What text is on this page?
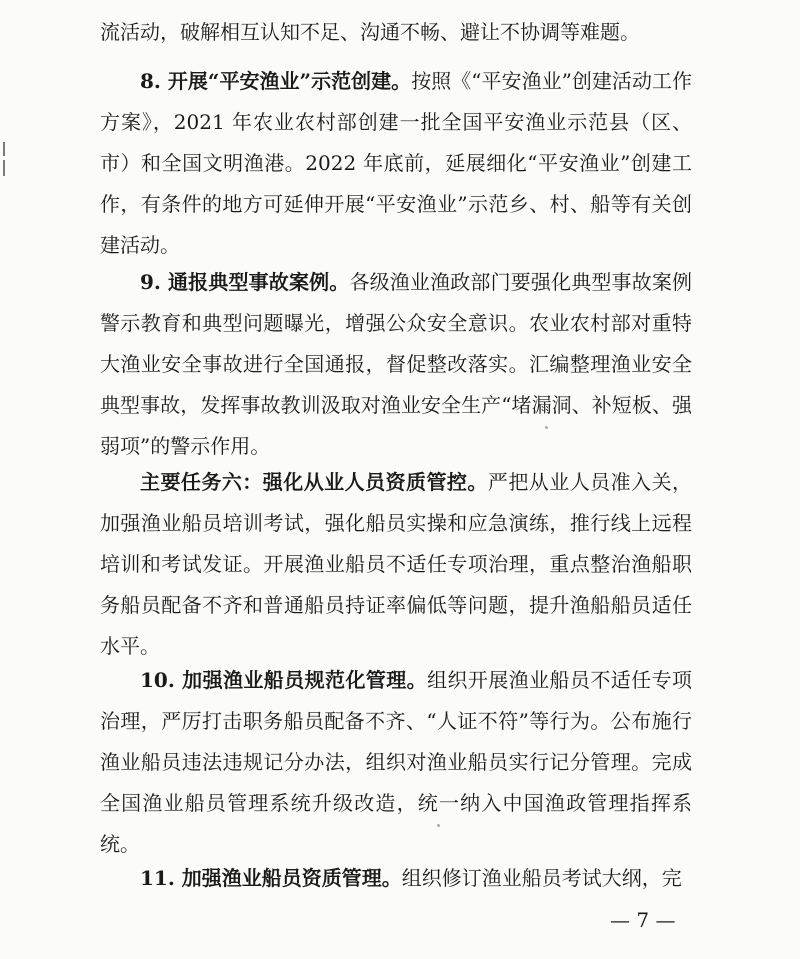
流活动，破解相互认知不足、沟通不畅、避让不协调等难题。

8. 开展“平安渔业”示范创建。按照《“平安渔业”创建活动工作方案》，2021 年农业农村部创建一批全国平安渔业示范县（区、市）和全国文明渔港。2022 年底前，延展细化“平安渔业”创建工作，有条件的地方可延伸开展“平安渔业”示范乡、村、船等有关创建活动。

9. 通报典型事故案例。各级渔业渔政部门要强化典型事故案例警示教育和典型问题曝光，增强公众安全意识。农业农村部对重特大渔业安全事故进行全国通报，督促整改落实。汇编整理渔业安全典型事故，发挥事故教训汲取对渔业安全生产“堵漏洞、补短板、强弱项”的警示作用。

主要任务六：强化从业人员资质管控。严把从业人员准入关，加强渔业船员培训考试，强化船员实操和应急演练，推行线上远程培训和考试发证。开展渔业船员不适任专项治理，重点整治渔船职务船员配备不齐和普通船员持证率偏低等问题，提升渔船船员适任水平。

10. 加强渔业船员规范化管理。组织开展渔业船员不适任专项治理，严厉打击职务船员配备不齐、“人证不符”等行为。公布施行渔业船员违法违规记分办法，组织对渔业船员实行记分管理。完成全国渔业船员管理系统升级改造，统一纳入中国渔政管理指挥系统。

11. 加强渔业船员资质管理。组织修订渔业船员考试大纲，完

— 7 —
